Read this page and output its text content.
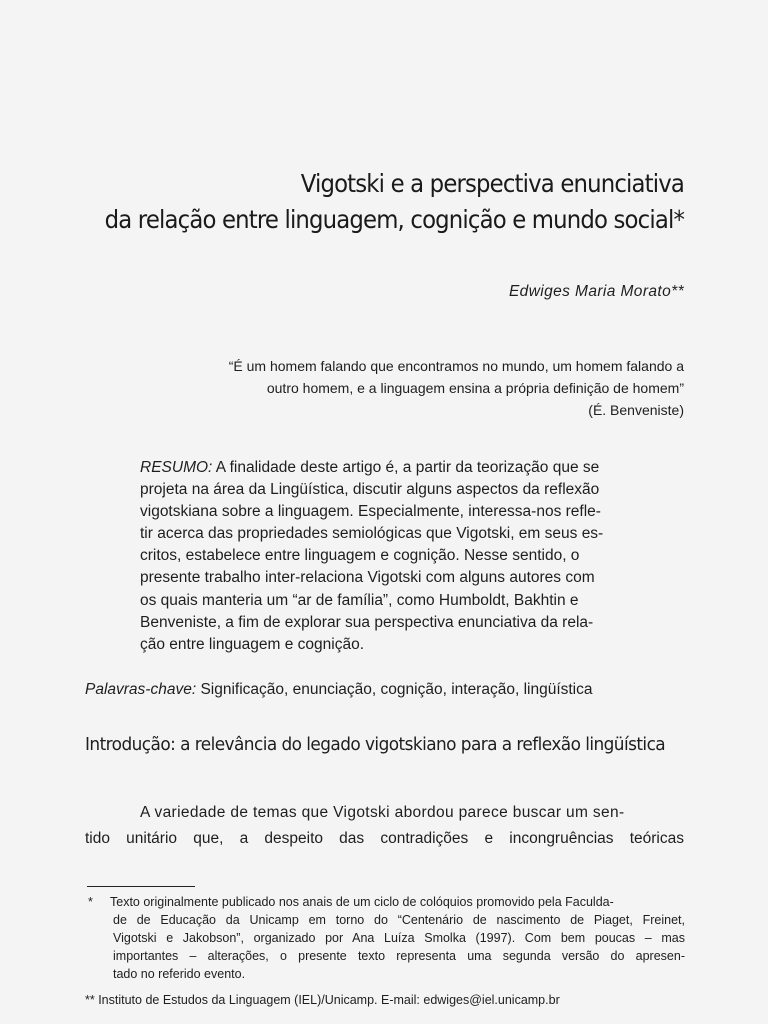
Vigotski e a perspectiva enunciativa
da relação entre linguagem, cognição e mundo social*
Edwiges Maria Morato**
“É um homem falando que encontramos no mundo, um homem falando a
outro homem, e a linguagem ensina a própria definição de homem”
(É. Benveniste)
RESUMO: A finalidade deste artigo é, a partir da teorização que se
projeta na área da Lingüística, discutir alguns aspectos da reflexão
vigotskiana sobre a linguagem. Especialmente, interessa-nos refle-
tir acerca das propriedades semiológicas que Vigotski, em seus es-
critos, estabelece entre linguagem e cognição. Nesse sentido, o
presente trabalho inter-relaciona Vigotski com alguns autores com
os quais manteria um “ar de família”, como Humboldt, Bakhtin e
Benveniste, a fim de explorar sua perspectiva enunciativa da rela-
ção entre linguagem e cognição.
Palavras-chave: Significação, enunciação, cognição, interação, lingüística
Introdução: a relevância do legado vigotskiano para a reflexão lingüística
A variedade de temas que Vigotski abordou parece buscar um sen-
tido unitário que, a despeito das contradições e incongruências teóricas
*	Texto originalmente publicado nos anais de um ciclo de colóquios promovido pela Faculda-
de de Educação da Unicamp em torno do “Centenário de nascimento de Piaget, Freinet,
Vigotski e Jakobson”, organizado por Ana Luíza Smolka (1997). Com bem poucas – mas
importantes – alterações, o presente texto representa uma segunda versão do apresen-
tado no referido evento.
** Instituto de Estudos da Linguagem (IEL)/Unicamp. E-mail: edwiges@iel.unicamp.br
